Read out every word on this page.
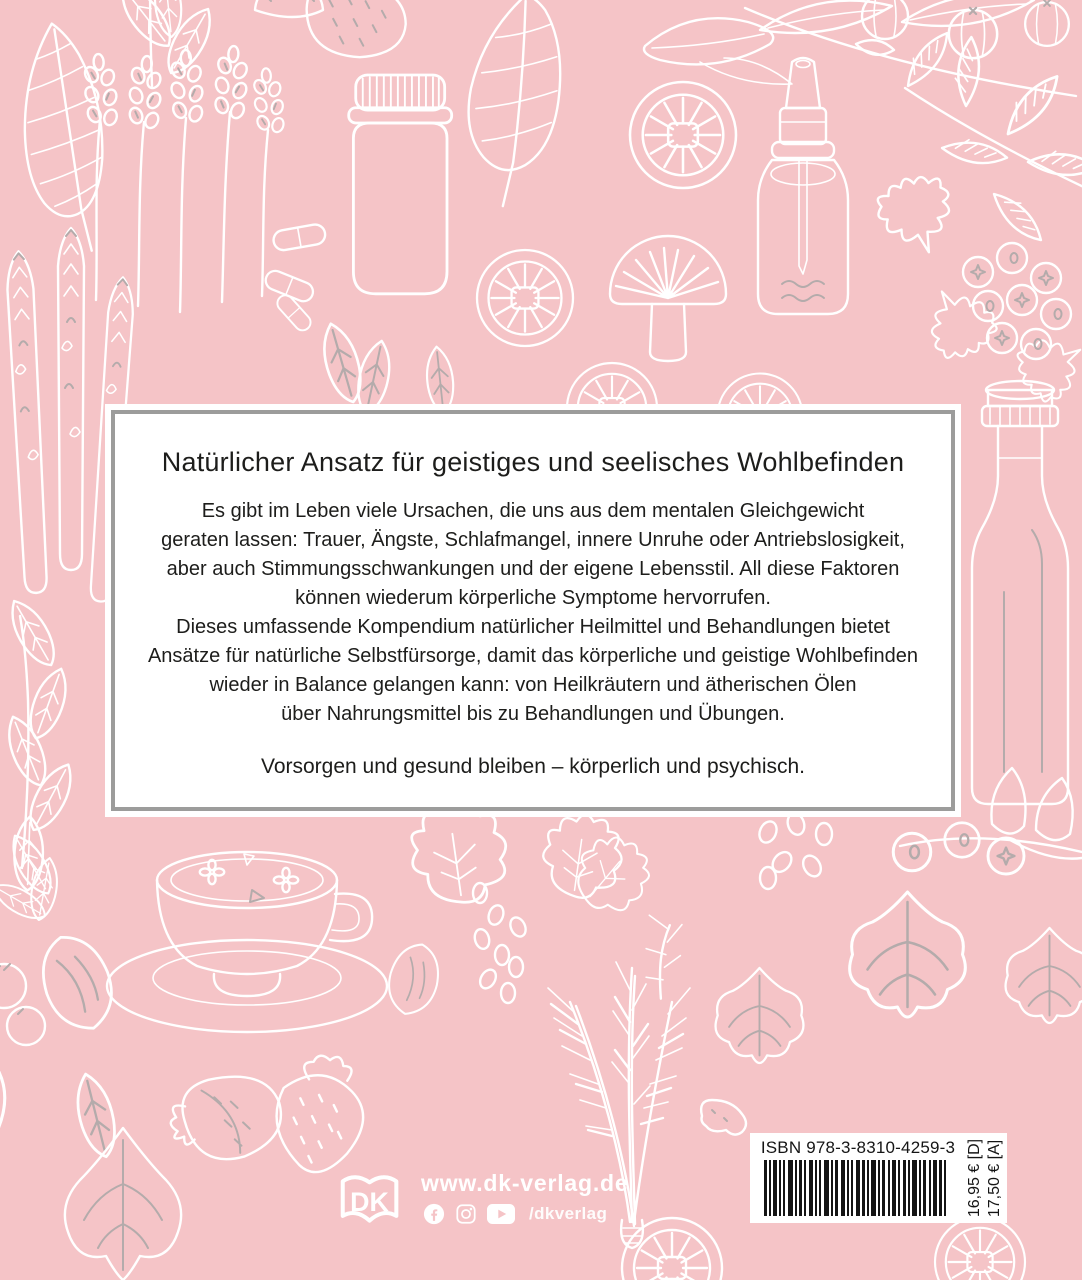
Natürlicher Ansatz für geistiges und seelisches Wohlbefinden
Es gibt im Leben viele Ursachen, die uns aus dem mentalen Gleichgewicht
geraten lassen: Trauer, Ängste, Schlafmangel, innere Unruhe oder Antriebslosigkeit,
aber auch Stimmungsschwankungen und der eigene Lebensstil. All diese Faktoren
können wiederum körperliche Symptome hervorrufen.
Dieses umfassende Kompendium natürlicher Heilmittel und Behandlungen bietet
Ansätze für natürliche Selbstfürsorge, damit das körperliche und geistige Wohlbefinden
wieder in Balance gelangen kann: von Heilkräutern und ätherischen Ölen
über Nahrungsmittel bis zu Behandlungen und Übungen.

Vorsorgen und gesund bleiben – körperlich und psychisch.

DK
www.dk-verlag.de
/dkverlag
ISBN 978-3-8310-4259-3 16,95 € [D] 17,50 € [A]
